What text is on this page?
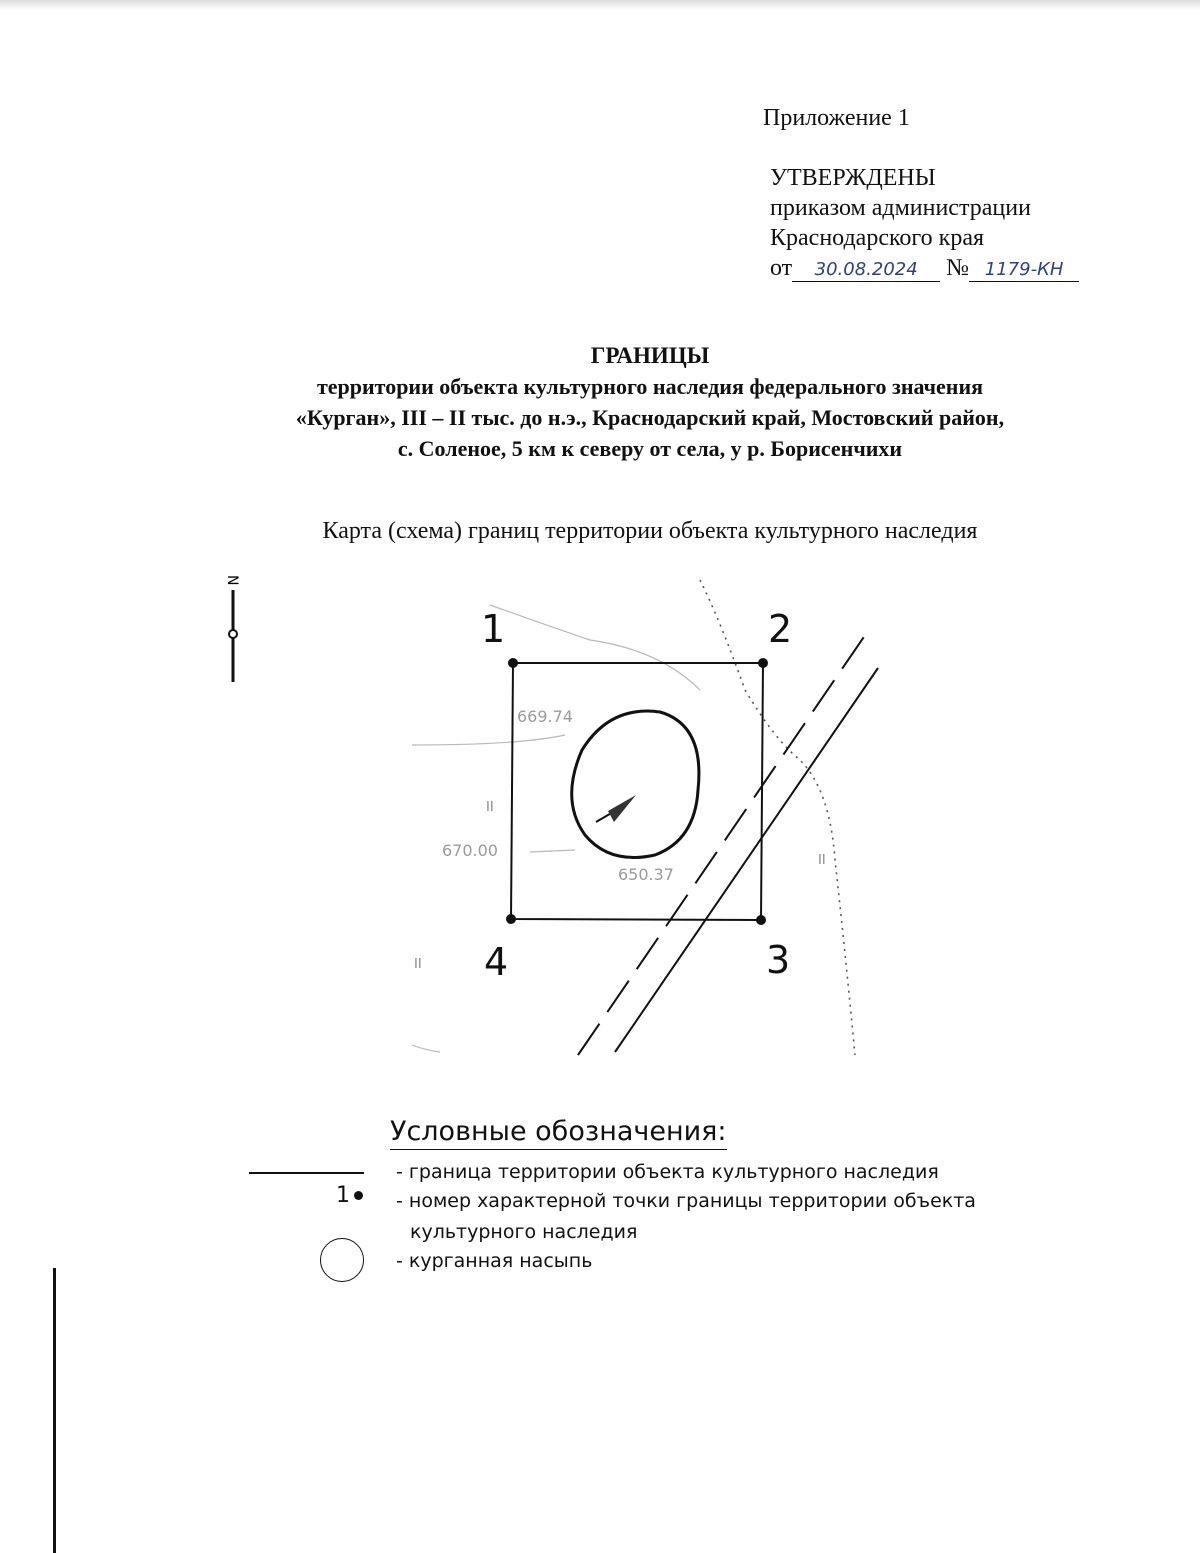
Приложение 1
УТВЕРЖДЕНЫ
приказом администрации
Краснодарского края
от 30.08.2024 № 1179-КН
ГРАНИЦЫ
территории объекта культурного наследия федерального значения
«Курган», III – II тыс. до н.э., Краснодарский край, Мостовский район,
с. Соленое, 5 км к северу от села, у р. Борисенчихи
Карта (схема) границ территории объекта культурного наследия
N
1	2
3
4
669.74
670.00
650.37
II
II
II
Условные обозначения:
- граница территории объекта культурного наследия
1 - номер характерной точки границы территории объекта
культурного наследия
- курганная насыпь
